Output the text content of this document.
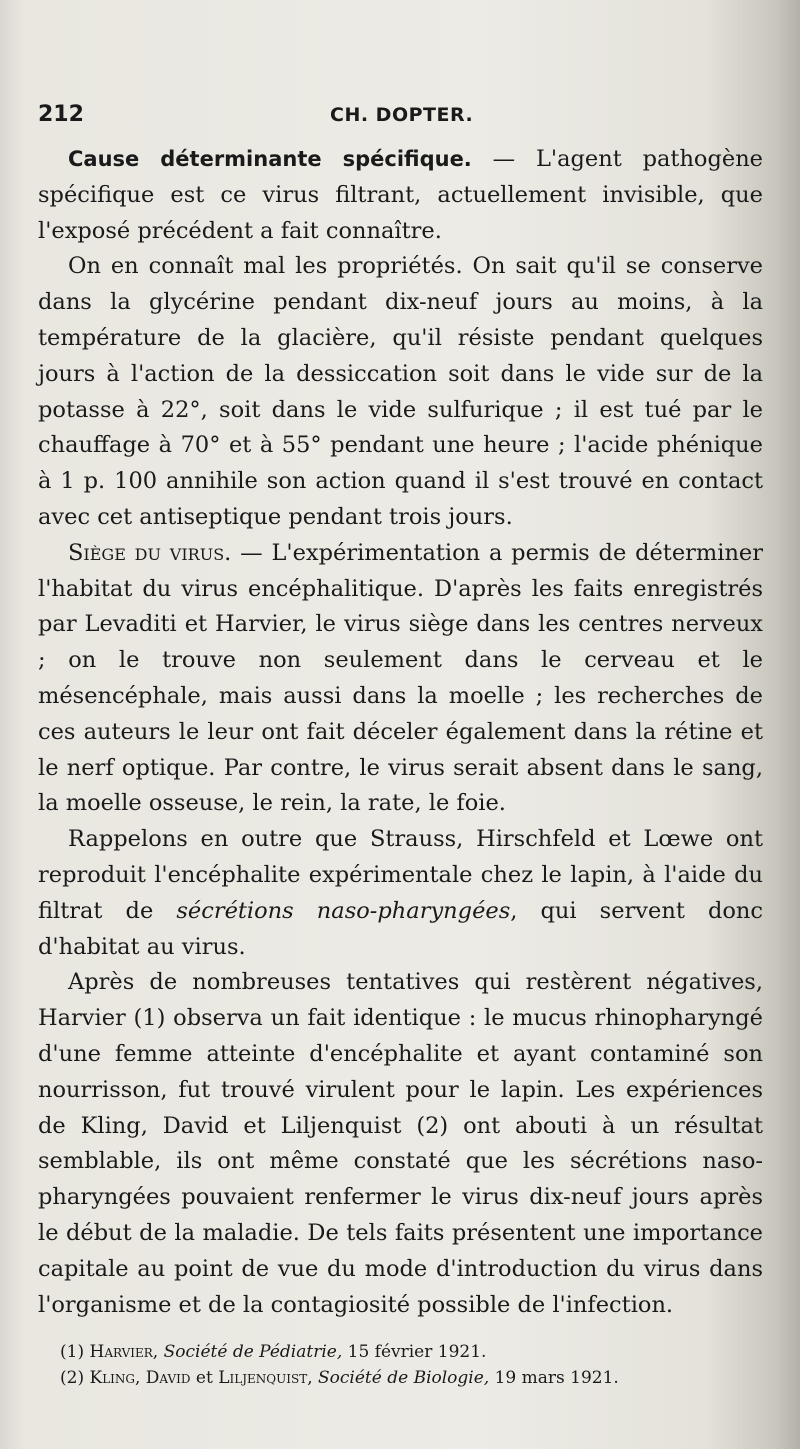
212	CH. DOPTER.

Cause déterminante spécifique. — L'agent pathogène spécifique est ce virus filtrant, actuellement invisible, que l'exposé précédent a fait connaître.

On en connaît mal les propriétés. On sait qu'il se conserve dans la glycérine pendant dix-neuf jours au moins, à la température de la glacière, qu'il résiste pendant quelques jours à l'action de la dessiccation soit dans le vide sur de la potasse à 22°, soit dans le vide sulfurique ; il est tué par le chauffage à 70° et à 55° pendant une heure ; l'acide phénique à 1 p. 100 annihile son action quand il s'est trouvé en contact avec cet antiseptique pendant trois jours.

Siège du virus. — L'expérimentation a permis de déterminer l'habitat du virus encéphalitique. D'après les faits enregistrés par Levaditi et Harvier, le virus siège dans les centres nerveux ; on le trouve non seulement dans le cerveau et le mésencéphale, mais aussi dans la moelle ; les recherches de ces auteurs le leur ont fait déceler également dans la rétine et le nerf optique. Par contre, le virus serait absent dans le sang, la moelle osseuse, le rein, la rate, le foie.

Rappelons en outre que Strauss, Hirschfeld et Lœwe ont reproduit l'encéphalite expérimentale chez le lapin, à l'aide du filtrat de sécrétions naso-pharyngées, qui servent donc d'habitat au virus.

Après de nombreuses tentatives qui restèrent négatives, Harvier (1) observa un fait identique : le mucus rhinopharyngé d'une femme atteinte d'encéphalite et ayant contaminé son nourrisson, fut trouvé virulent pour le lapin. Les expériences de Kling, David et Liljenquist (2) ont abouti à un résultat semblable, ils ont même constaté que les sécrétions naso-pharyngées pouvaient renfermer le virus dix-neuf jours après le début de la maladie. De tels faits présentent une importance capitale au point de vue du mode d'introduction du virus dans l'organisme et de la contagiosité possible de l'infection.

(1) Harvier, Société de Pédiatrie, 15 février 1921.
(2) Kling, David et Liljenquist, Société de Biologie, 19 mars 1921.
